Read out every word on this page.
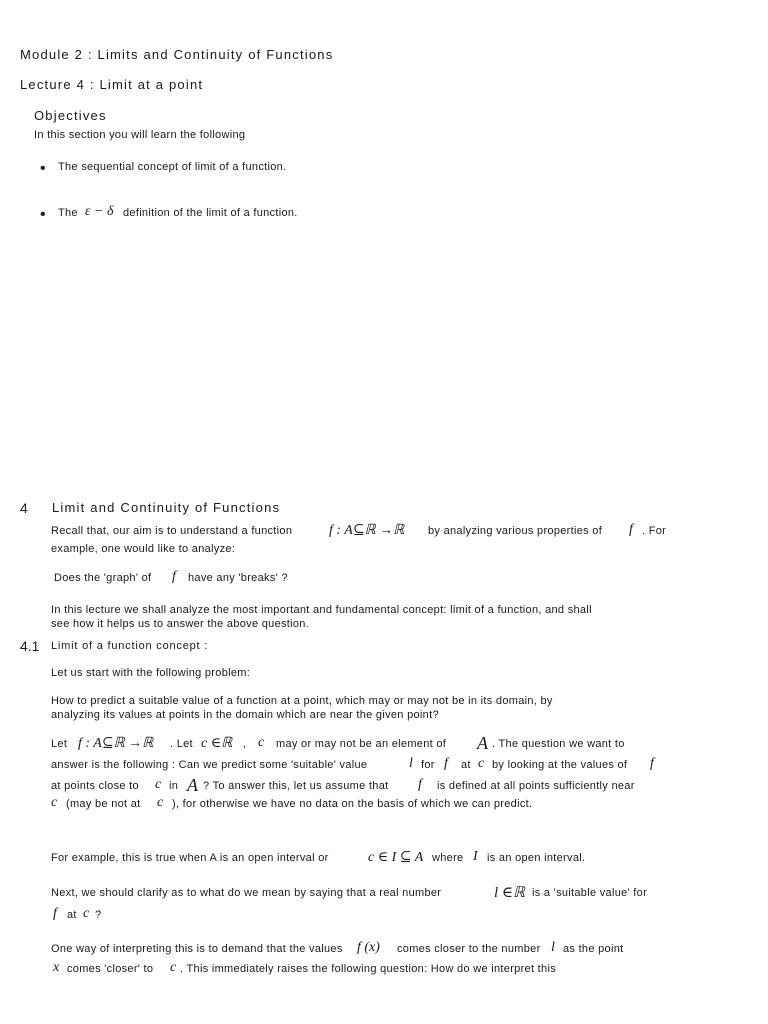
Module 2 : Limits and Continuity of Functions
Lecture 4 : Limit at a point
Objectives
In this section you will learn the following
• The sequential concept of limit of a function.
• The ε − δ definition of the limit of a function.
4 Limit and Continuity of Functions
Recall that, our aim is to understand a function	f : A⊆ℝ →ℝ by analyzing various properties of f . For
example, one would like to analyze:
Does the 'graph' of f have any 'breaks' ?
In this lecture we shall analyze the most important and fundamental concept: limit of a function, and shall
see how it helps us to answer the above question.
4.1 Limit of a function concept :
Let us start with the following problem:
How to predict a suitable value of a function at a point, which may or may not be in its domain, by
analyzing its values at points in the domain which are near the given point?
Let f : A⊆ℝ →ℝ . Let c ∈ℝ , c may or may not be an element of A . The question we want to
answer is the following : Can we predict some 'suitable' value	l for f at c by looking at the values of f
at points close to c in A ? To answer this, let us assume that f is defined at all points sufficiently near
c (may be not at c ), for otherwise we have no data on the basis of which we can predict.
For example, this is true when A is an open interval or	c ∈ I ⊆ A where I is an open interval.
Next, we should clarify as to what do we mean by saying that a real number	l ∈ℝ is a 'suitable value' for
f at c ?
One way of interpreting this is to demand that the values f (x) comes closer to the number l as the point
x comes 'closer' to c . This immediately raises the following question: How do we interpret this
